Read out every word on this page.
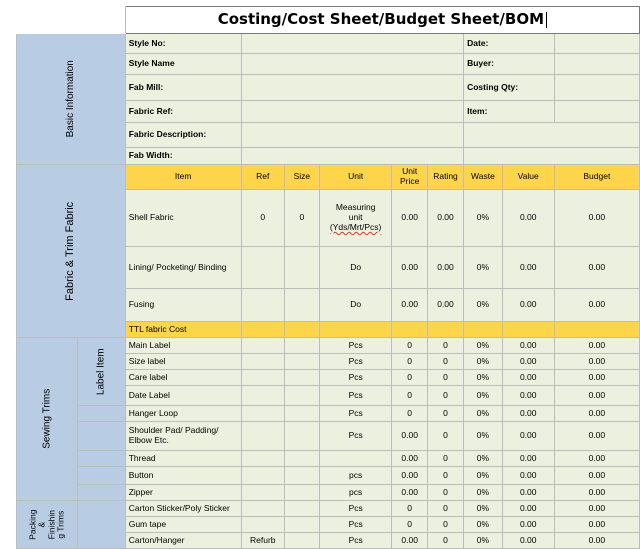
		Costing/Cost Sheet/Budget Sheet/BOM								
Basic Information		Style No:						Date:		
		Style Name						Buyer:		
		Fab Mill:						Costing Qty:		
		Fabric Ref:						Item:		
		Fabric Description:								
		Fab Width:								
Fabric & Trim Fabric		Item	Ref	Size	Unit	Unit Price	Rating	Waste	Value	Budget
		Shell Fabric	0	0	Measuring
unit
(Yds/Mrt/Pcs)	0.00	0.00	0%	0.00	0.00
		Lining/ Pocketing/ Binding			Do	0.00	0.00	0%	0.00	0.00
		Fusing			Do	0.00	0.00	0%	0.00	0.00
		TTL fabric Cost								
Sewing Trims	Label Item	Main Label			Pcs	0	0	0%	0.00	0.00
		Size label			Pcs	0	0	0%	0.00	0.00
		Care label			Pcs	0	0	0%	0.00	0.00
		Date Label			Pcs	0	0	0%	0.00	0.00
		Hanger Loop			Pcs	0	0	0%	0.00	0.00
		Shoulder Pad/ Padding/ Elbow Etc.			Pcs	0.00	0	0%	0.00	0.00
		Thread				0.00	0	0%	0.00	0.00
		Button			pcs	0.00	0	0%	0.00	0.00
		Zipper			pcs	0.00	0	0%	0.00	0.00
Packing
&
Finishin
g Trims		Carton Sticker/Poly Sticker			Pcs	0	0	0%	0.00	0.00
		Gum tape			Pcs	0	0	0%	0.00	0.00
		Carton/Hanger	Refurb		Pcs	0.00	0	0%	0.00	0.00
